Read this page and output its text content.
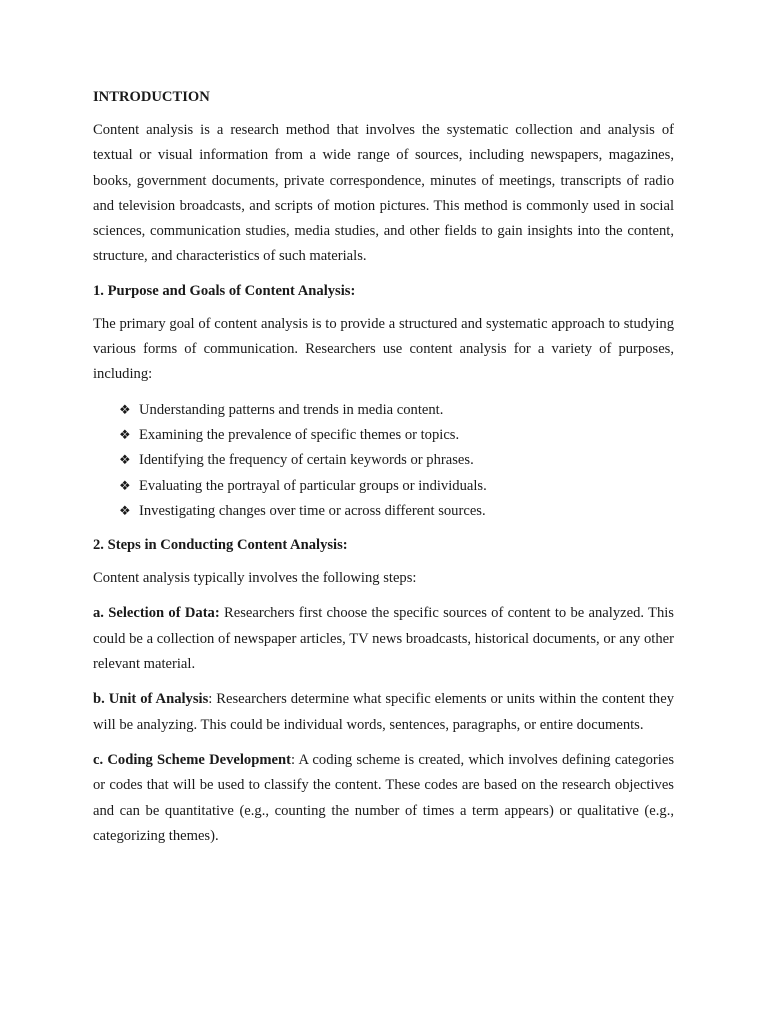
INTRODUCTION

Content analysis is a research method that involves the systematic collection and analysis of textual or visual information from a wide range of sources, including newspapers, magazines, books, government documents, private correspondence, minutes of meetings, transcripts of radio and television broadcasts, and scripts of motion pictures. This method is commonly used in social sciences, communication studies, media studies, and other fields to gain insights into the content, structure, and characteristics of such materials.

1. Purpose and Goals of Content Analysis:

The primary goal of content analysis is to provide a structured and systematic approach to studying various forms of communication. Researchers use content analysis for a variety of purposes, including:

❖ Understanding patterns and trends in media content.
❖ Examining the prevalence of specific themes or topics.
❖ Identifying the frequency of certain keywords or phrases.
❖ Evaluating the portrayal of particular groups or individuals.
❖ Investigating changes over time or across different sources.
2. Steps in Conducting Content Analysis:

Content analysis typically involves the following steps:

a. Selection of Data: Researchers first choose the specific sources of content to be analyzed. This could be a collection of newspaper articles, TV news broadcasts, historical documents, or any other relevant material.

b. Unit of Analysis: Researchers determine what specific elements or units within the content they will be analyzing. This could be individual words, sentences, paragraphs, or entire documents.

c. Coding Scheme Development: A coding scheme is created, which involves defining categories or codes that will be used to classify the content. These codes are based on the research objectives and can be quantitative (e.g., counting the number of times a term appears) or qualitative (e.g., categorizing themes).
